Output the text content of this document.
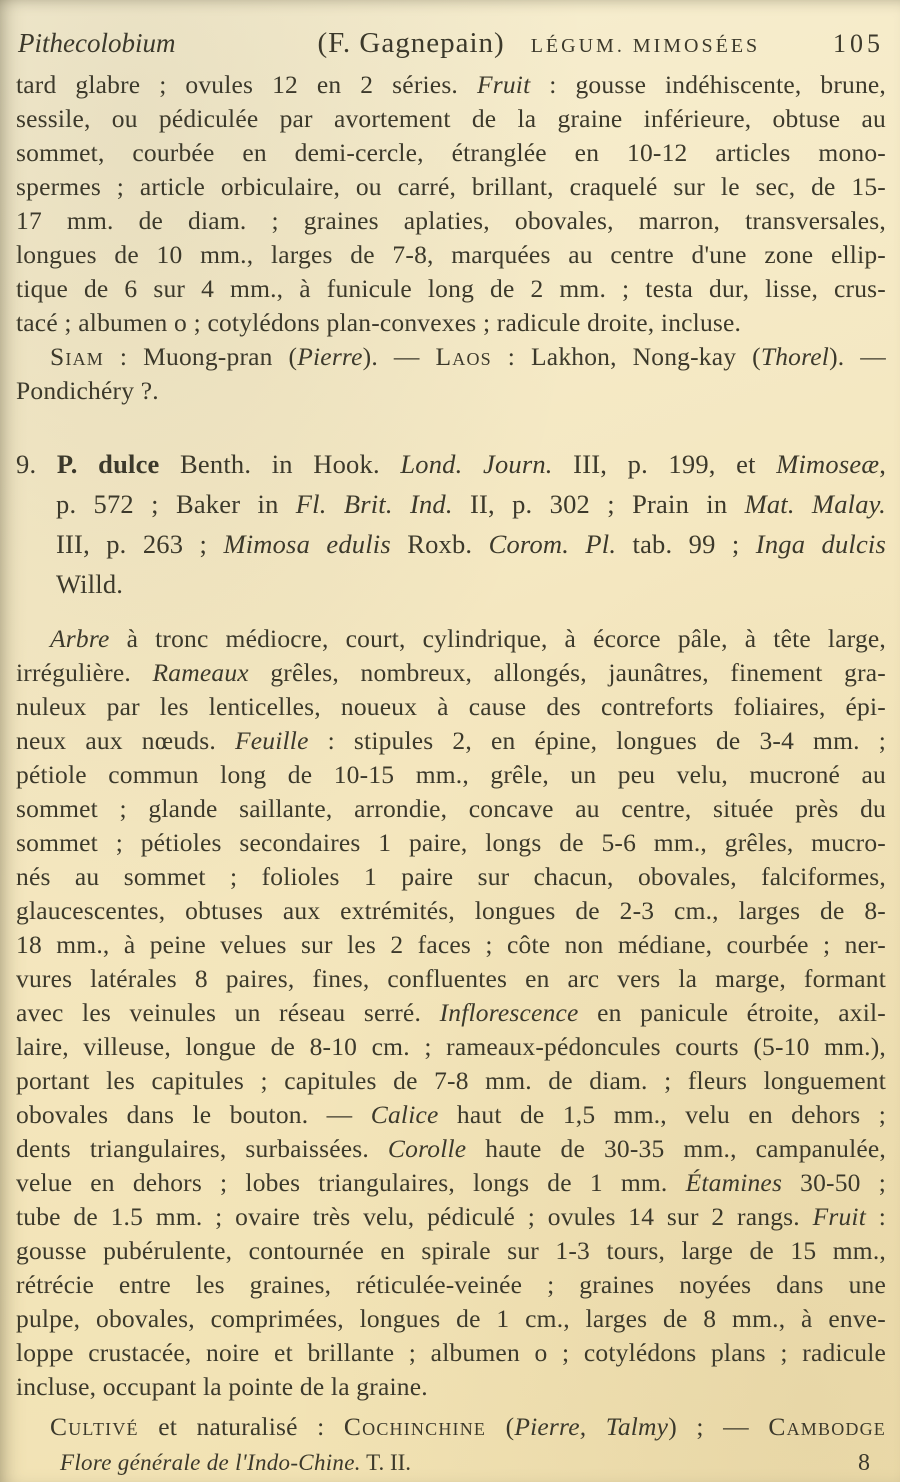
Pithecolobium	(F. Gagnepain) LÉGUM. MIMOSÉES	105
tard glabre ; ovules 12 en 2 séries. Fruit : gousse indéhiscente, brune,
sessile, ou pédiculée par avortement de la graine inférieure, obtuse au
sommet, courbée en demi-cercle, étranglée en 10-12 articles mono-
spermes ; article orbiculaire, ou carré, brillant, craquelé sur le sec, de 15-
17 mm. de diam. ; graines aplaties, obovales, marron, transversales,
longues de 10 mm., larges de 7-8, marquées au centre d'une zone ellip-
tique de 6 sur 4 mm., à funicule long de 2 mm. ; testa dur, lisse, crus-
tacé ; albumen o ; cotylédons plan-convexes ; radicule droite, incluse.
Siam : Muong-pran (Pierre). — Laos : Lakhon, Nong-kay (Thorel). —
Pondichéry ?.
9. P. dulce Benth. in Hook. Lond. Journ. III, p. 199, et Mimoseæ,
p. 572 ; Baker in Fl. Brit. Ind. II, p. 302 ; Prain in Mat. Malay.
III, p. 263 ; Mimosa edulis Roxb. Corom. Pl. tab. 99 ; Inga dulcis
Willd.
Arbre à tronc médiocre, court, cylindrique, à écorce pâle, à tête large,
irrégulière. Rameaux grêles, nombreux, allongés, jaunâtres, finement gra-
nuleux par les lenticelles, noueux à cause des contreforts foliaires, épi-
neux aux nœuds. Feuille : stipules 2, en épine, longues de 3-4 mm. ;
pétiole commun long de 10-15 mm., grêle, un peu velu, mucroné au
sommet ; glande saillante, arrondie, concave au centre, située près du
sommet ; pétioles secondaires 1 paire, longs de 5-6 mm., grêles, mucro-
nés au sommet ; folioles 1 paire sur chacun, obovales, falciformes,
glaucescentes, obtuses aux extrémités, longues de 2-3 cm., larges de 8-
18 mm., à peine velues sur les 2 faces ; côte non médiane, courbée ; ner-
vures latérales 8 paires, fines, confluentes en arc vers la marge, formant
avec les veinules un réseau serré. Inflorescence en panicule étroite, axil-
laire, villeuse, longue de 8-10 cm. ; rameaux-pédoncules courts (5-10 mm.),
portant les capitules ; capitules de 7-8 mm. de diam. ; fleurs longuement
obovales dans le bouton. — Calice haut de 1,5 mm., velu en dehors ;
dents triangulaires, surbaissées. Corolle haute de 30-35 mm., campanulée,
velue en dehors ; lobes triangulaires, longs de 1 mm. Étamines 30-50 ;
tube de 1.5 mm. ; ovaire très velu, pédiculé ; ovules 14 sur 2 rangs. Fruit :
gousse pubérulente, contournée en spirale sur 1-3 tours, large de 15 mm.,
rétrécie entre les graines, réticulée-veinée ; graines noyées dans une
pulpe, obovales, comprimées, longues de 1 cm., larges de 8 mm., à enve-
loppe crustacée, noire et brillante ; albumen o ; cotylédons plans ; radicule
incluse, occupant la pointe de la graine.
Cultivé et naturalisé : Cochinchine (Pierre, Talmy) ; — Cambodge
Flore générale de l'Indo-Chine. T. II.	8
